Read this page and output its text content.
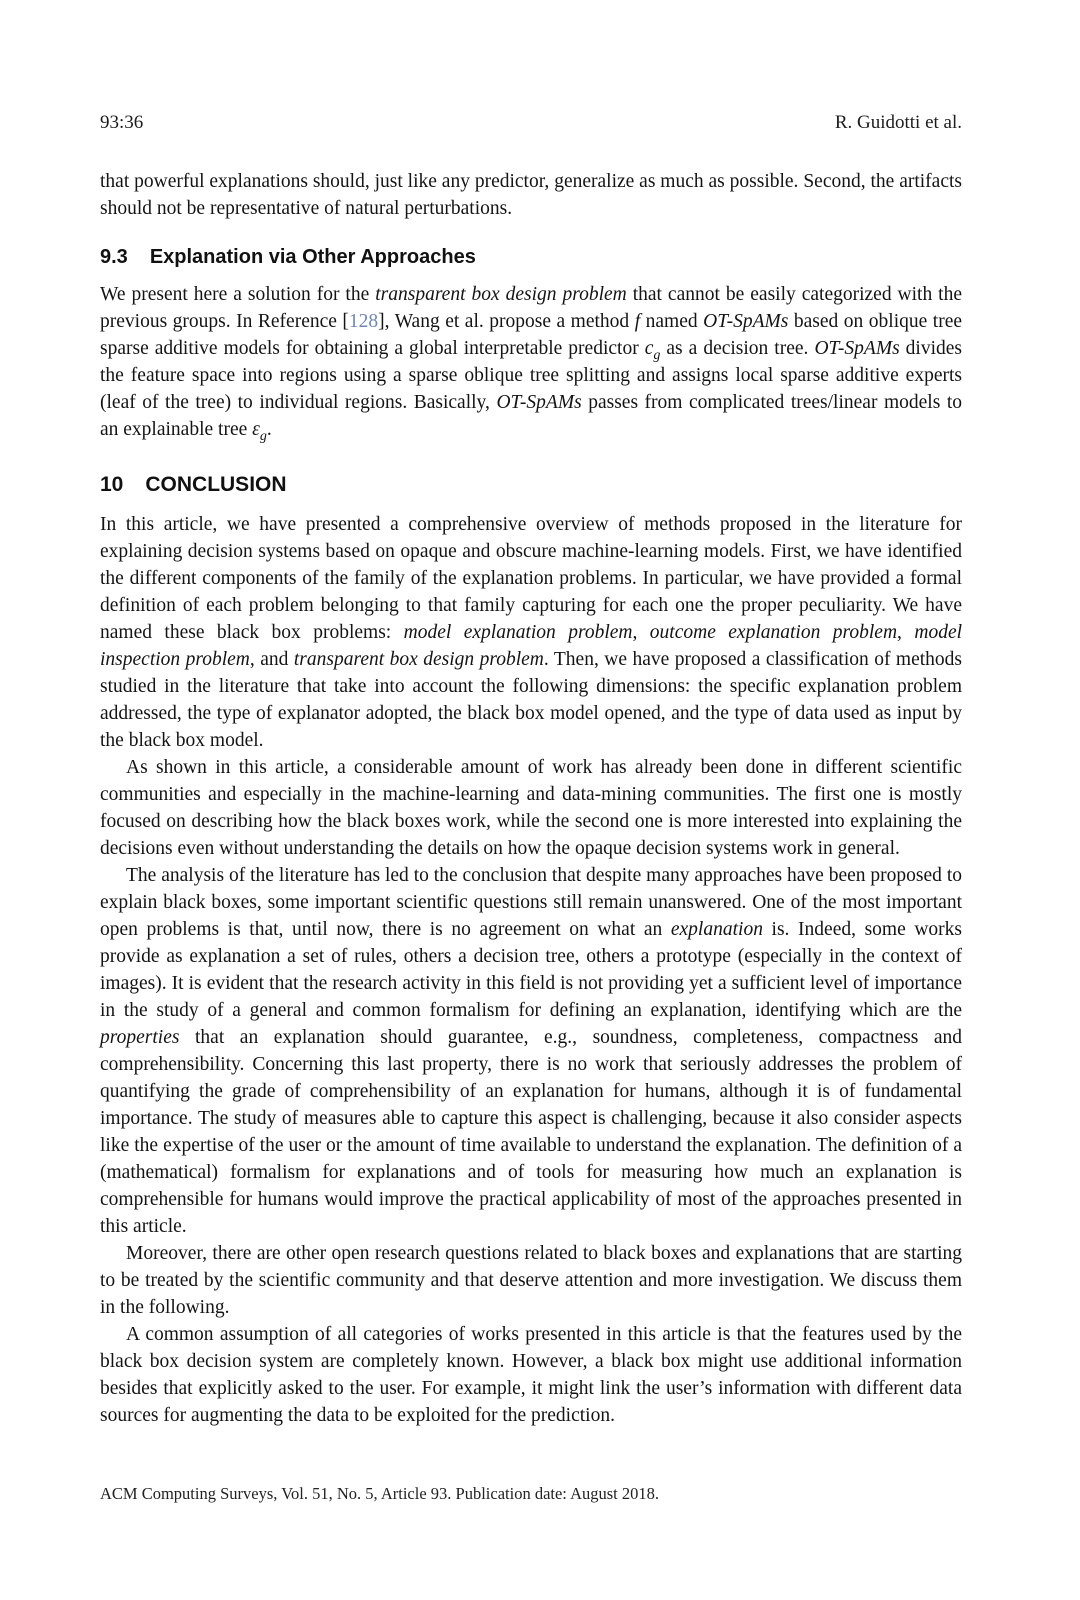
93:36	R. Guidotti et al.

that powerful explanations should, just like any predictor, generalize as much as possible. Second, the artifacts should not be representative of natural perturbations.

9.3 Explanation via Other Approaches

We present here a solution for the transparent box design problem that cannot be easily categorized with the previous groups. In Reference [128], Wang et al. propose a method f named OT-SpAMs based on oblique tree sparse additive models for obtaining a global interpretable predictor $c_g$ as a decision tree. OT-SpAMs divides the feature space into regions using a sparse oblique tree splitting and assigns local sparse additive experts (leaf of the tree) to individual regions. Basically, OT-SpAMs passes from complicated trees/linear models to an explainable tree $\varepsilon_g$.

10 CONCLUSION

In this article, we have presented a comprehensive overview of methods proposed in the literature for explaining decision systems based on opaque and obscure machine-learning models. First, we have identified the different components of the family of the explanation problems. In particular, we have provided a formal definition of each problem belonging to that family capturing for each one the proper peculiarity. We have named these black box problems: model explanation problem, outcome explanation problem, model inspection problem, and transparent box design problem. Then, we have proposed a classification of methods studied in the literature that take into account the following dimensions: the specific explanation problem addressed, the type of explanator adopted, the black box model opened, and the type of data used as input by the black box model.

As shown in this article, a considerable amount of work has already been done in different scientific communities and especially in the machine-learning and data-mining communities. The first one is mostly focused on describing how the black boxes work, while the second one is more interested into explaining the decisions even without understanding the details on how the opaque decision systems work in general.

The analysis of the literature has led to the conclusion that despite many approaches have been proposed to explain black boxes, some important scientific questions still remain unanswered. One of the most important open problems is that, until now, there is no agreement on what an explanation is. Indeed, some works provide as explanation a set of rules, others a decision tree, others a prototype (especially in the context of images). It is evident that the research activity in this field is not providing yet a sufficient level of importance in the study of a general and common formalism for defining an explanation, identifying which are the properties that an explanation should guarantee, e.g., soundness, completeness, compactness and comprehensibility. Concerning this last property, there is no work that seriously addresses the problem of quantifying the grade of comprehensibility of an explanation for humans, although it is of fundamental importance. The study of measures able to capture this aspect is challenging, because it also consider aspects like the expertise of the user or the amount of time available to understand the explanation. The definition of a (mathematical) formalism for explanations and of tools for measuring how much an explanation is comprehensible for humans would improve the practical applicability of most of the approaches presented in this article.

Moreover, there are other open research questions related to black boxes and explanations that are starting to be treated by the scientific community and that deserve attention and more investigation. We discuss them in the following.

A common assumption of all categories of works presented in this article is that the features used by the black box decision system are completely known. However, a black box might use additional information besides that explicitly asked to the user. For example, it might link the user’s information with different data sources for augmenting the data to be exploited for the prediction.

ACM Computing Surveys, Vol. 51, No. 5, Article 93. Publication date: August 2018.
